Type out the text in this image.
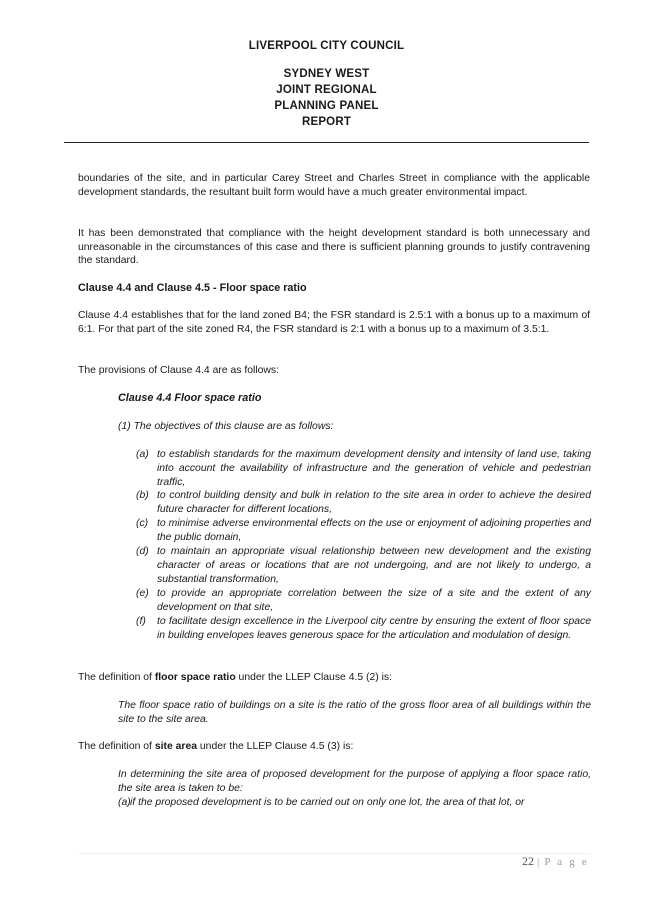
LIVERPOOL CITY COUNCIL
SYDNEY WEST
JOINT REGIONAL
PLANNING PANEL
REPORT

boundaries of the site, and in particular Carey Street and Charles Street in compliance with the applicable development standards, the resultant built form would have a much greater environmental impact.

It has been demonstrated that compliance with the height development standard is both unnecessary and unreasonable in the circumstances of this case and there is sufficient planning grounds to justify contravening the standard.

Clause 4.4 and Clause 4.5 - Floor space ratio

Clause 4.4 establishes that for the land zoned B4; the FSR standard is 2.5:1 with a bonus up to a maximum of 6:1. For that part of the site zoned R4, the FSR standard is 2:1 with a bonus up to a maximum of 3.5:1.

The provisions of Clause 4.4 are as follows:

Clause 4.4 Floor space ratio

(1) The objectives of this clause are as follows:

(a) to establish standards for the maximum development density and intensity of land use, taking into account the availability of infrastructure and the generation of vehicle and pedestrian traffic,
(b) to control building density and bulk in relation to the site area in order to achieve the desired future character for different locations,
(c) to minimise adverse environmental effects on the use or enjoyment of adjoining properties and the public domain,
(d) to maintain an appropriate visual relationship between new development and the existing character of areas or locations that are not undergoing, and are not likely to undergo, a substantial transformation,
(e) to provide an appropriate correlation between the size of a site and the extent of any development on that site,
(f) to facilitate design excellence in the Liverpool city centre by ensuring the extent of floor space in building envelopes leaves generous space for the articulation and modulation of design.

The definition of floor space ratio under the LLEP Clause 4.5 (2) is:

The floor space ratio of buildings on a site is the ratio of the gross floor area of all buildings within the site to the site area.

The definition of site area under the LLEP Clause 4.5 (3) is:

In determining the site area of proposed development for the purpose of applying a floor space ratio, the site area is taken to be:

(a) if the proposed development is to be carried out on only one lot, the area of that lot, or
22 | P a g e
